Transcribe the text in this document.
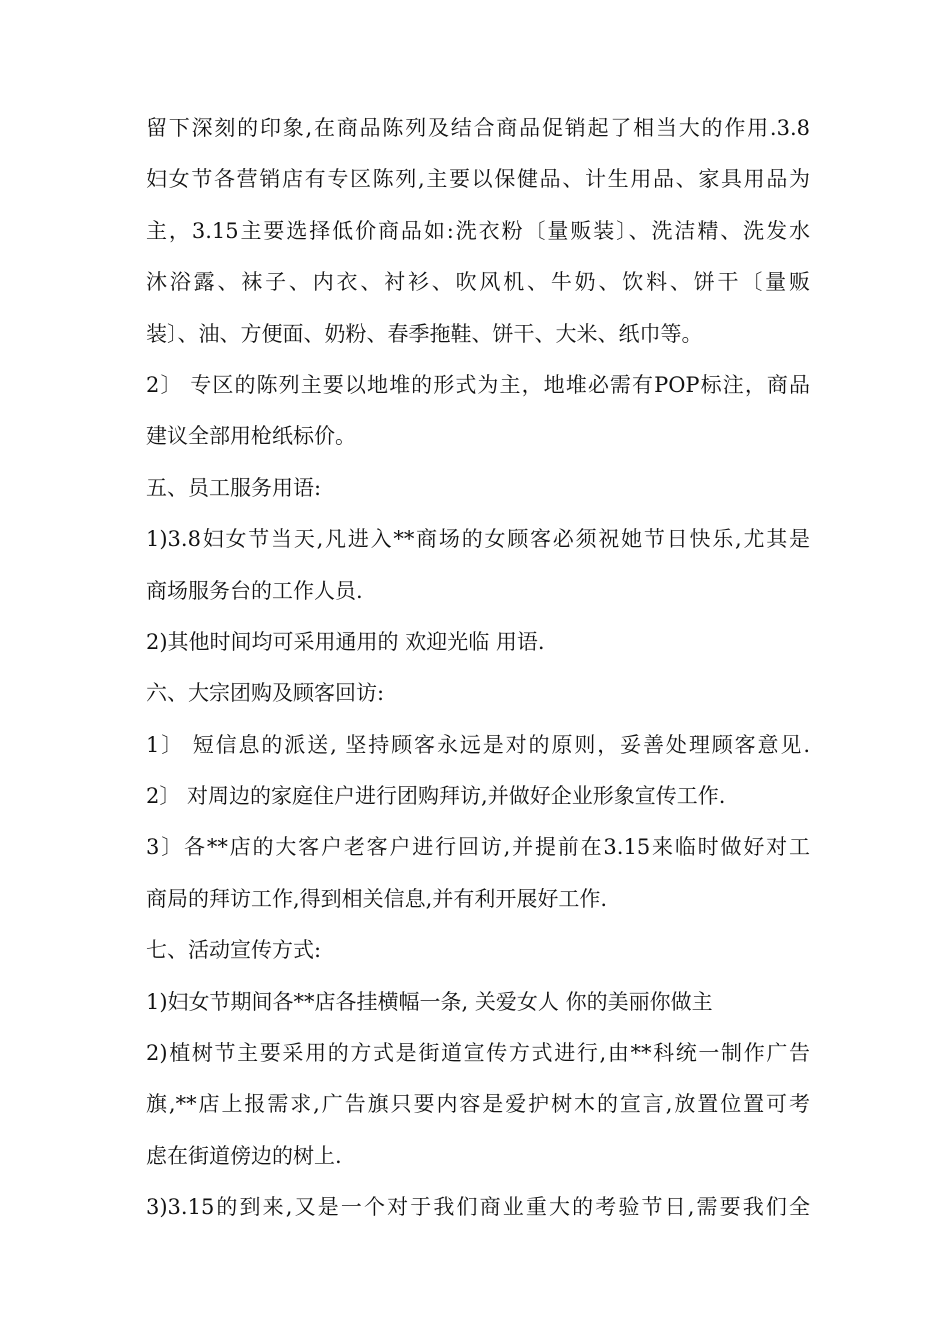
留下深刻的印象,在商品陈列及结合商品促销起了相当大的作用.3.8
妇女节各营销店有专区陈列,主要以保健品、计生用品、家具用品为
主，3.15主要选择低价商品如:洗衣粉〔量贩装〕、洗洁精、洗发水
沐浴露、袜子、内衣、衬衫、吹风机、牛奶、饮料、饼干〔量贩
装〕、油、方便面、奶粉、春季拖鞋、饼干、大米、纸巾等。
2〕 专区的陈列主要以地堆的形式为主，地堆必需有POP标注，商品
建议全部用枪纸标价。
五、员工服务用语:
1)3.8妇女节当天,凡进入**商场的女顾客必须祝她节日快乐,尤其是
商场服务台的工作人员.
2)其他时间均可采用通用的 欢迎光临 用语.
六、大宗团购及顾客回访:
1〕 短信息的派送, 坚持顾客永远是对的原则，妥善处理顾客意见.
2〕 对周边的家庭住户进行团购拜访,并做好企业形象宣传工作.
3〕各**店的大客户老客户进行回访,并提前在3.15来临时做好对工
商局的拜访工作,得到相关信息,并有利开展好工作.
七、活动宣传方式:
1)妇女节期间各**店各挂横幅一条, 关爱女人 你的美丽你做主
2)植树节主要采用的方式是街道宣传方式进行,由**科统一制作广告
旗,**店上报需求,广告旗只要内容是爱护树木的宣言,放置位置可考
虑在街道傍边的树上.
3)3.15的到来,又是一个对于我们商业重大的考验节日,需要我们全
